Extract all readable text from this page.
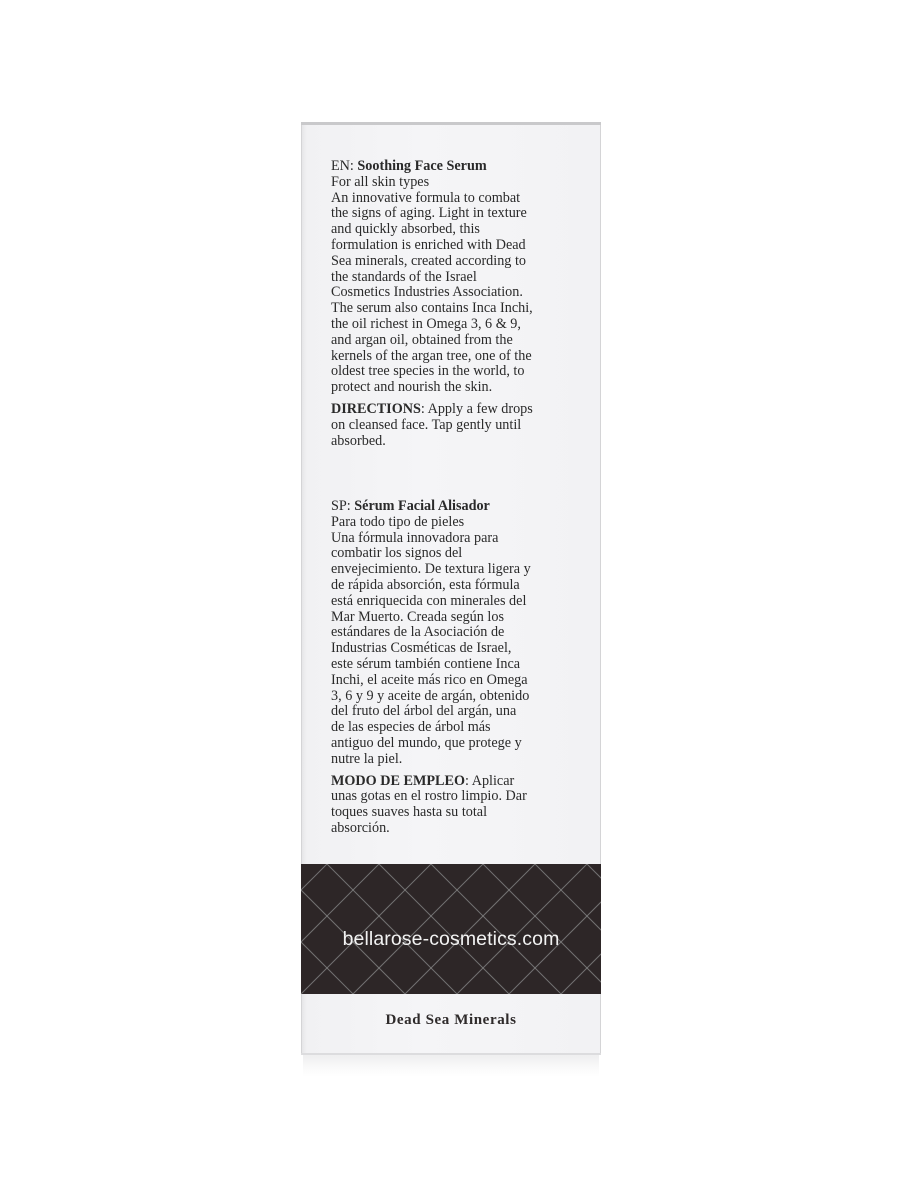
EN: Soothing Face Serum

For all skin types

An innovative formula to combat

the signs of aging. Light in texture

and quickly absorbed, this

formulation is enriched with Dead

Sea minerals, created according to

the standards of the Israel

Cosmetics Industries Association.

The serum also contains Inca Inchi,

the oil richest in Omega 3, 6 & 9,

and argan oil, obtained from the

kernels of the argan tree, one of the

oldest tree species in the world, to

protect and nourish the skin.

DIRECTIONS: Apply a few drops

on cleansed face. Tap gently until

absorbed.

SP: Sérum Facial Alisador

Para todo tipo de pieles

Una fórmula innovadora para

combatir los signos del

envejecimiento. De textura ligera y

de rápida absorción, esta fórmula

está enriquecida con minerales del

Mar Muerto. Creada según los

estándares de la Asociación de

Industrias Cosméticas de Israel,

este sérum también contiene Inca

Inchi, el aceite más rico en Omega

3, 6 y 9 y aceite de argán, obtenido

del fruto del árbol del argán, una

de las especies de árbol más

antiguo del mundo, que protege y

nutre la piel.

MODO DE EMPLEO: Aplicar

unas gotas en el rostro limpio. Dar

toques suaves hasta su total

absorción.

bellarose-cosmetics.com
Dead Sea Minerals
